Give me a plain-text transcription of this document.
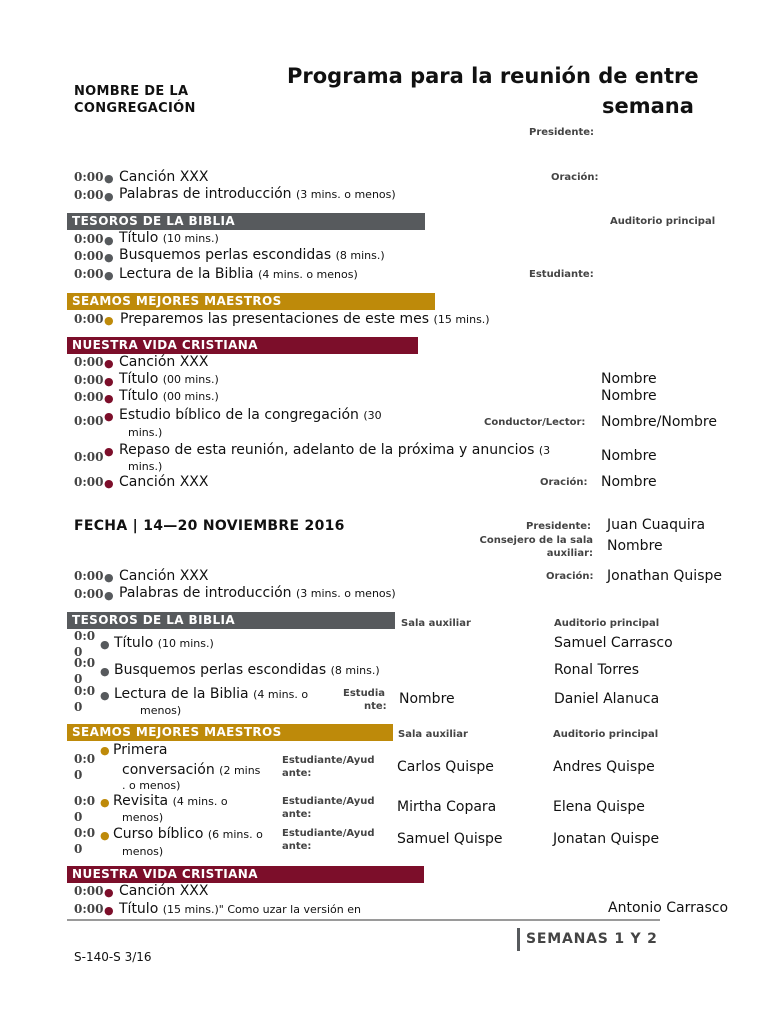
NOMBRE DE LA CONGREGACIÓN
Programa para la reunión de entre
semana
Presidente:
0:00 ● Canción XXX	Oración:
0:00 ● Palabras de introducción (3 mins. o menos)
TESOROS DE LA BIBLIA	Auditorio principal
0:00 ● Título (10 mins.)
0:00 ● Busquemos perlas escondidas (8 mins.)
0:00 ● Lectura de la Biblia (4 mins. o menos)	Estudiante:
SEAMOS MEJORES MAESTROS
0:00 ● Preparemos las presentaciones de este mes (15 mins.)
NUESTRA VIDA CRISTIANA
0:00 ● Canción XXX
0:00 ● Título (00 mins.)	Nombre
0:00 ● Título (00 mins.)	Nombre
0:00 ● Estudio bíblico de la congregación (30
mins.)
Conductor/Lector: Nombre/Nombre
0:00 ● Repaso de esta reunión, adelanto de la próxima y anuncios (3
mins.)
Nombre
0:00 ● Canción XXX	Oración: Nombre
FECHA | 14—20 NOVIEMBRE 2016	Presidente: Juan Cuaquira
Consejero de la sala
auxiliar: Nombre
0:00 ● Canción XXX	Oración: Jonathan Quispe
0:00 ● Palabras de introducción (3 mins. o menos)
TESOROS DE LA BIBLIA	Sala auxiliar	Auditorio principal
0:0
0
● Título (10 mins.)	Samuel Carrasco
0:0
0
● Busquemos perlas escondidas (8 mins.)	Ronal Torres
0:0
0
● Lectura de la Biblia (4 mins. o
menos)
Estudia
nte: Nombre	Daniel Alanuca
SEAMOS MEJORES MAESTROS	Sala auxiliar	Auditorio principal
0:0
0
● Primera
conversación (2 mins
. o menos)
Estudiante/Ayud
ante:	Carlos Quispe	Andres Quispe
0:0
0
● Revisita (4 mins. o
menos)
Estudiante/Ayud
ante:	Mirtha Copara	Elena Quispe
0:0
0
● Curso bíblico (6 mins. o
menos)
Estudiante/Ayud
ante:	Samuel Quispe	Jonatan Quispe
NUESTRA VIDA CRISTIANA
0:00 ● Canción XXX
0:00 ● Título (15 mins.)" Como uzar la versión en	Antonio Carrasco
SEMANAS 1 Y 2
S-140-S 3/16
